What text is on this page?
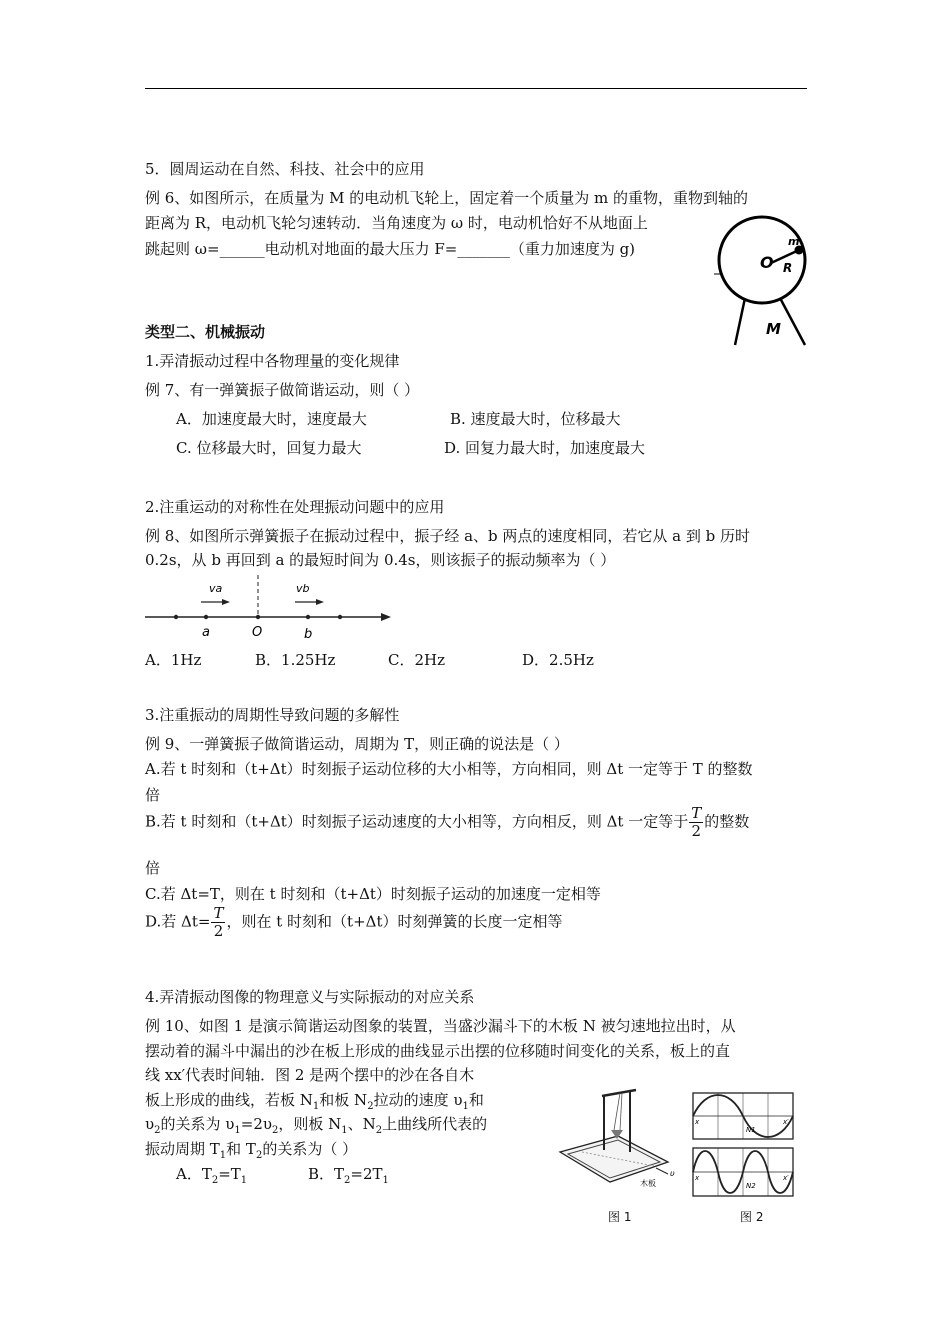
5．圆周运动在自然、科技、社会中的应用
例 6、如图所示，在质量为 M 的电动机飞轮上，固定着一个质量为 m 的重物，重物到轴的
距离为 R，电动机飞轮匀速转动．当角速度为 ω 时，电动机恰好不从地面上
跳起则 ω=______电动机对地面的最大压力 F=_______（重力加速度为 g)
O
m
R
M
类型二、机械振动
1.弄清振动过程中各物理量的变化规律
例 7、有一弹簧振子做简谐运动，则（ ）
A．加速度最大时，速度最大	B. 速度最大时，位移最大
C. 位移最大时，回复力最大	D. 回复力最大时，加速度最大
2.注重运动的对称性在处理振动问题中的应用
例 8、如图所示弹簧振子在振动过程中，振子经 a、b 两点的速度相同，若它从 a 到 b 历时
0.2s，从 b 再回到 a 的最短时间为 0.4s，则该振子的振动频率为（ ）
va	vb
a	O	b
A．1Hz	B．1.25Hz	C．2Hz	D．2.5Hz
3.注重振动的周期性导致问题的多解性
例 9、一弹簧振子做简谐运动，周期为 T，则正确的说法是（ ）
A.若 t 时刻和（t+Δt）时刻振子运动位移的大小相等，方向相同，则 Δt 一定等于 T 的整数
倍
B.若 t 时刻和（t+Δt）时刻振子运动速度的大小相等，方向相反，则 Δt 一定等于 $\frac{T}{2}$ 的整数
倍
C.若 Δt=T，则在 t 时刻和（t+Δt）时刻振子运动的加速度一定相等
D.若 $\Delta t= \frac{T}{2}$ ，则在 t 时刻和（t+Δt）时刻弹簧的长度一定相等
4.弄清振动图像的物理意义与实际振动的对应关系
例 10、如图 1 是演示简谐运动图象的装置，当盛沙漏斗下的木板 N 被匀速地拉出时，从
摆动着的漏斗中漏出的沙在板上形成的曲线显示出摆的位移随时间变化的关系，板上的直
线 xx′代表时间轴．图 2 是两个摆中的沙在各自木
板上形成的曲线，若板 $N_1$和板 $N_2$拉动的速度 $\upsilon_1$和
$\upsilon_2$的关系为 $\upsilon_1=2\upsilon_2$，则板 $N_1$、$N_2$上曲线所代表的
振动周期 $T_1$和 $T_2$的关系为（ ）
A．$T_2=T_1$	B．$T_2=2T_1$
υ
木板
图 1
x	x′
N1
x	x′
N2
图 2
